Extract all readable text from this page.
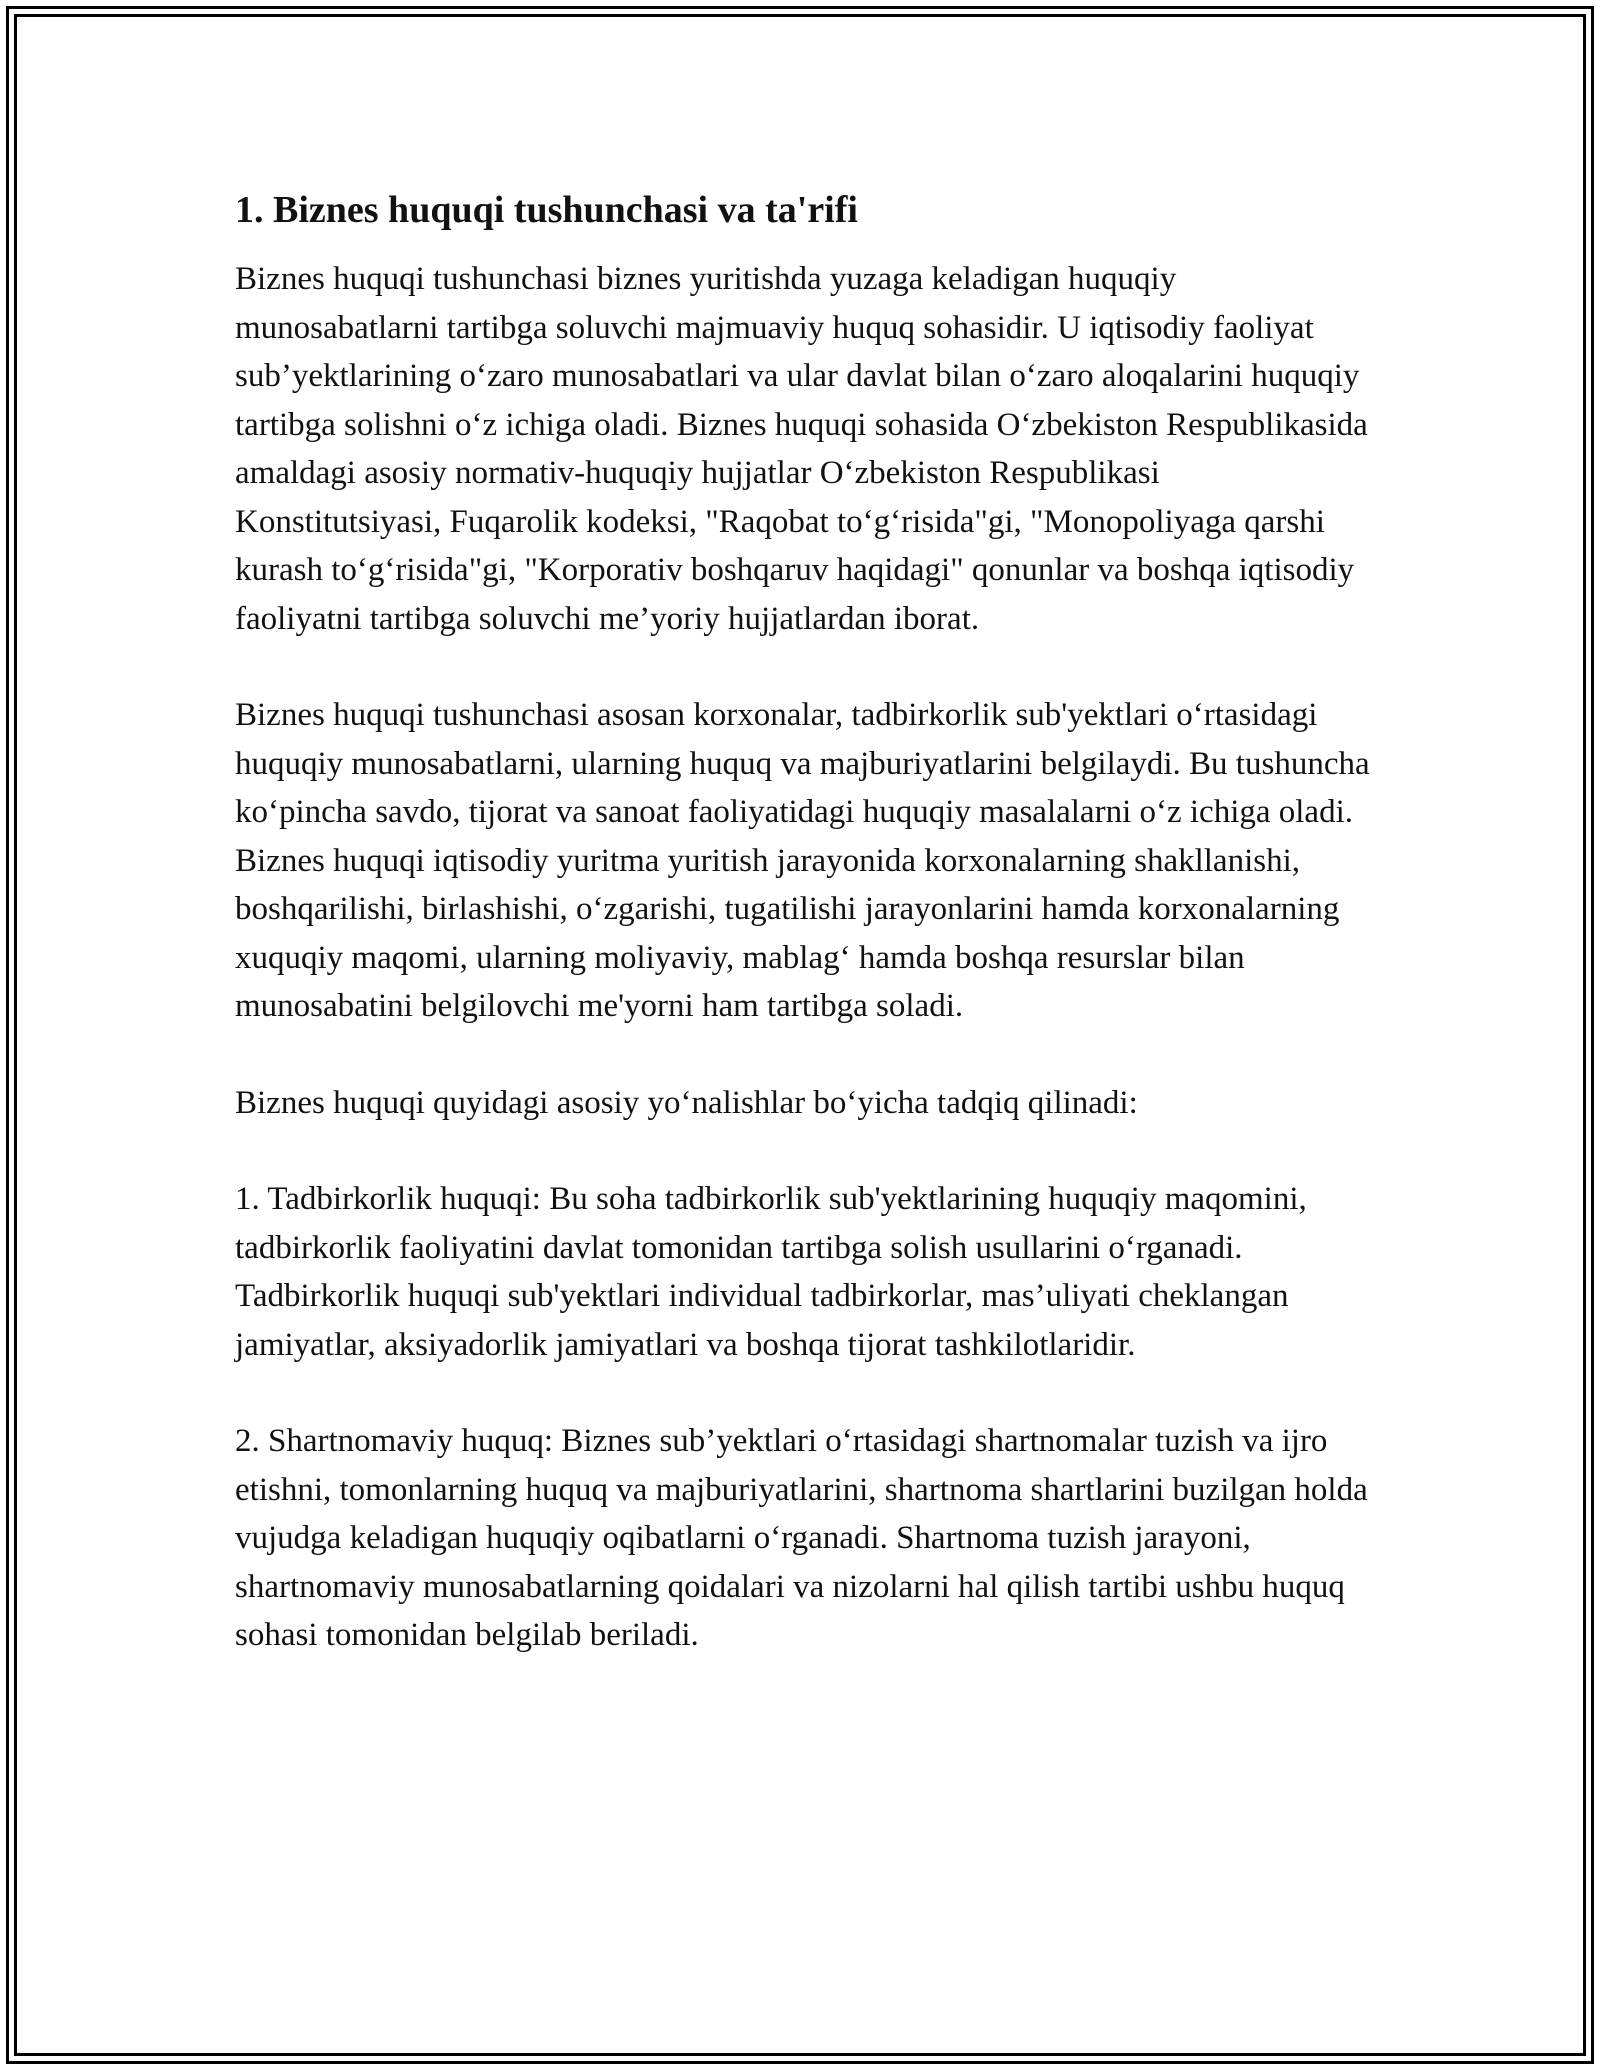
1. Biznes huquqi tushunchasi va ta'rifi

Biznes huquqi tushunchasi biznes yuritishda yuzaga keladigan huquqiy munosabatlarni tartibga soluvchi majmuaviy huquq sohasidir. U iqtisodiy faoliyat sub’yektlarining o‘zaro munosabatlari va ular davlat bilan o‘zaro aloqalarini huquqiy tartibga solishni o‘z ichiga oladi. Biznes huquqi sohasida O‘zbekiston Respublikasida amaldagi asosiy normativ-huquqiy hujjatlar O‘zbekiston Respublikasi Konstitutsiyasi, Fuqarolik kodeksi, "Raqobat to‘g‘risida"gi, "Monopoliyaga qarshi kurash to‘g‘risida"gi, "Korporativ boshqaruv haqidagi" qonunlar va boshqa iqtisodiy faoliyatni tartibga soluvchi me’yoriy hujjatlardan iborat.

Biznes huquqi tushunchasi asosan korxonalar, tadbirkorlik sub'yektlari o‘rtasidagi huquqiy munosabatlarni, ularning huquq va majburiyatlarini belgilaydi. Bu tushuncha ko‘pincha savdo, tijorat va sanoat faoliyatidagi huquqiy masalalarni o‘z ichiga oladi. Biznes huquqi iqtisodiy yuritma yuritish jarayonida korxonalarning shakllanishi, boshqarilishi, birlashishi, o‘zgarishi, tugatilishi jarayonlarini hamda korxonalarning xuquqiy maqomi, ularning moliyaviy, mablag‘ hamda boshqa resurslar bilan munosabatini belgilovchi me'yorni ham tartibga soladi.

Biznes huquqi quyidagi asosiy yo‘nalishlar bo‘yicha tadqiq qilinadi:

1. Tadbirkorlik huquqi: Bu soha tadbirkorlik sub'yektlarining huquqiy maqomini, tadbirkorlik faoliyatini davlat tomonidan tartibga solish usullarini o‘rganadi. Tadbirkorlik huquqi sub'yektlari individual tadbirkorlar, mas’uliyati cheklangan jamiyatlar, aksiyadorlik jamiyatlari va boshqa tijorat tashkilotlaridir.

2. Shartnomaviy huquq: Biznes sub’yektlari o‘rtasidagi shartnomalar tuzish va ijro etishni, tomonlarning huquq va majburiyatlarini, shartnoma shartlarini buzilgan holda vujudga keladigan huquqiy oqibatlarni o‘rganadi. Shartnoma tuzish jarayoni, shartnomaviy munosabatlarning qoidalari va nizolarni hal qilish tartibi ushbu huquq sohasi tomonidan belgilab beriladi.
